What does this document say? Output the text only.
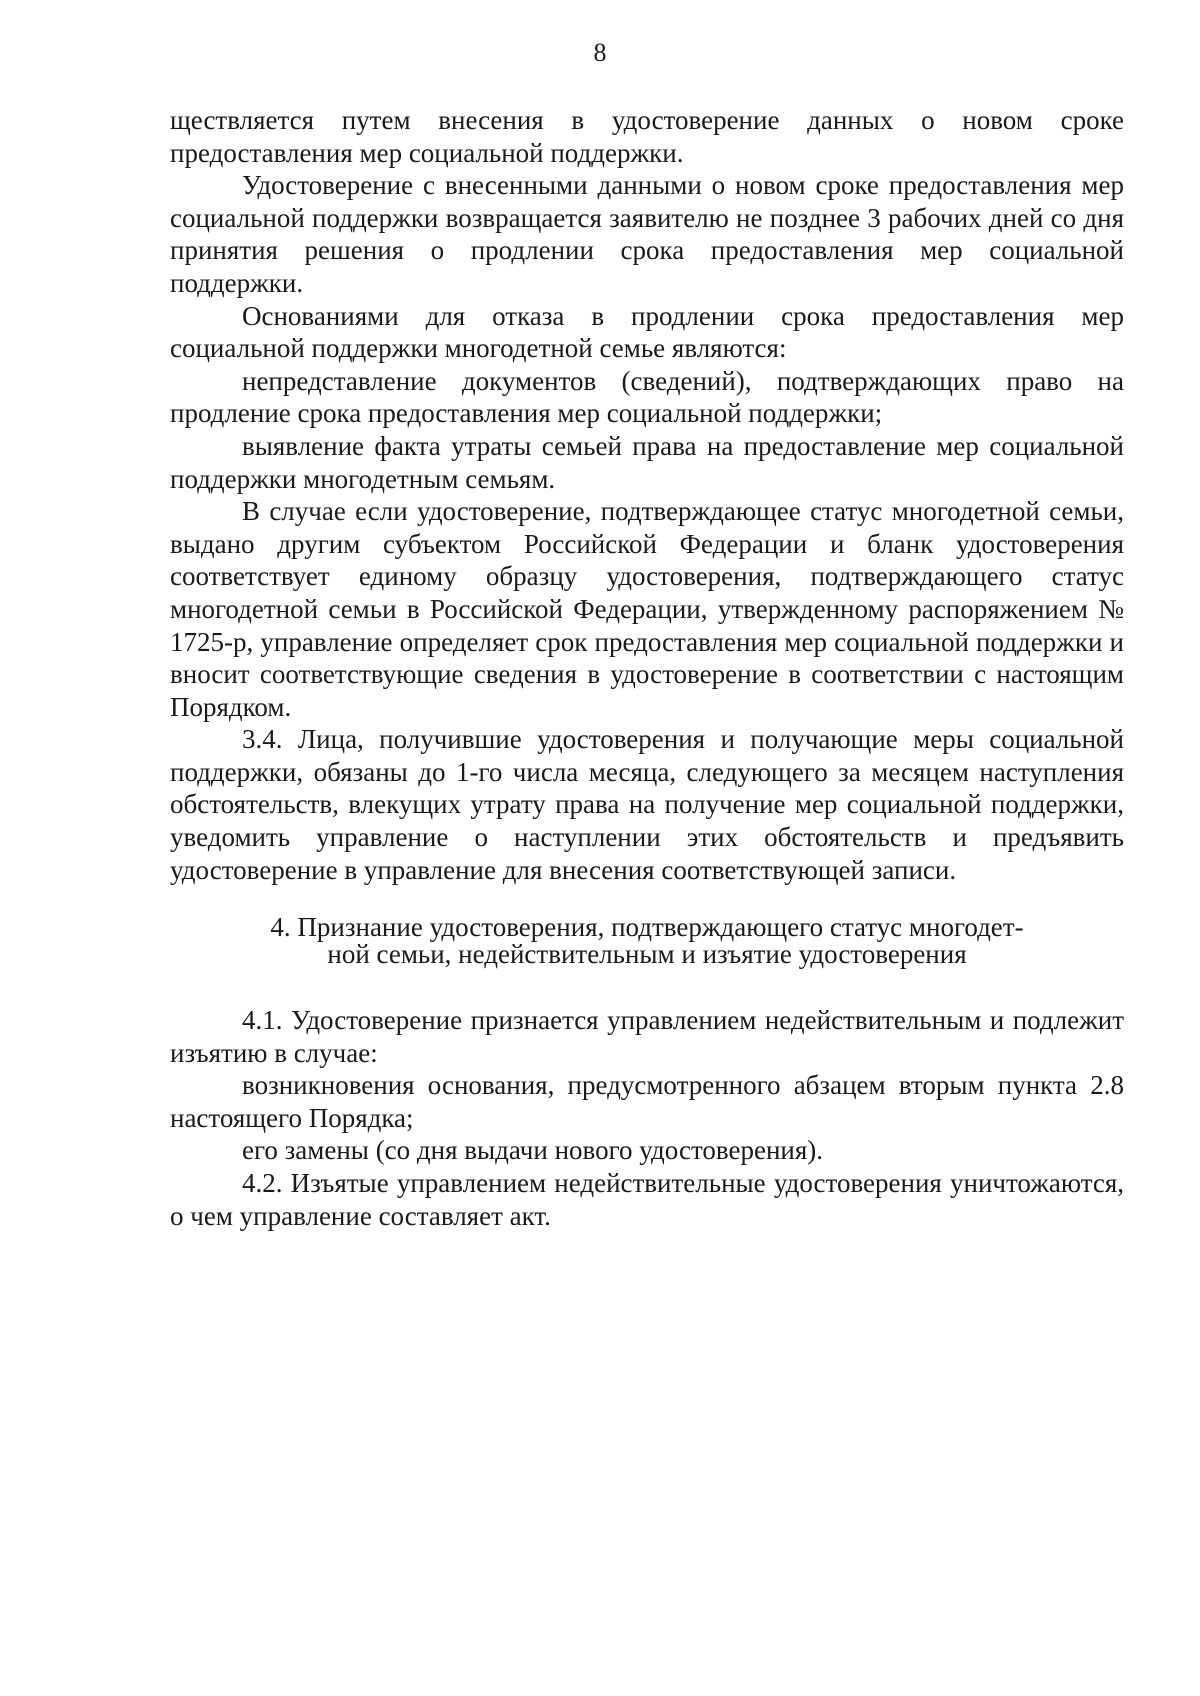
8

ществляется путем внесения в удостоверение данных о новом сроке предоставления мер социальной поддержки.

Удостоверение с внесенными данными о новом сроке предоставления мер социальной поддержки возвращается заявителю не позднее 3 рабочих дней со дня принятия решения о продлении срока предоставления мер социальной поддержки.

Основаниями для отказа в продлении срока предоставления мер социальной поддержки многодетной семье являются:

непредставление документов (сведений), подтверждающих право на продление срока предоставления мер социальной поддержки;

выявление факта утраты семьей права на предоставление мер социальной поддержки многодетным семьям.

В случае если удостоверение, подтверждающее статус многодетной семьи, выдано другим субъектом Российской Федерации и бланк удостоверения соответствует единому образцу удостоверения, подтверждающего статус многодетной семьи в Российской Федерации, утвержденному распоряжением № 1725-р, управление определяет срок предоставления мер социальной поддержки и вносит соответствующие сведения в удостоверение в соответствии с настоящим Порядком.

3.4. Лица, получившие удостоверения и получающие меры социальной поддержки, обязаны до 1-го числа месяца, следующего за месяцем наступления обстоятельств, влекущих утрату права на получение мер социальной поддержки, уведомить управление о наступлении этих обстоятельств и предъявить удостоверение в управление для внесения соответствующей записи.

4. Признание удостоверения, подтверждающего статус многодет-

ной семьи, недействительным и изъятие удостоверения

4.1. Удостоверение признается управлением недействительным и подлежит изъятию в случае:

возникновения основания, предусмотренного абзацем вторым пункта 2.8 настоящего Порядка;

его замены (со дня выдачи нового удостоверения).

4.2. Изъятые управлением недействительные удостоверения уничтожаются, о чем управление составляет акт.
